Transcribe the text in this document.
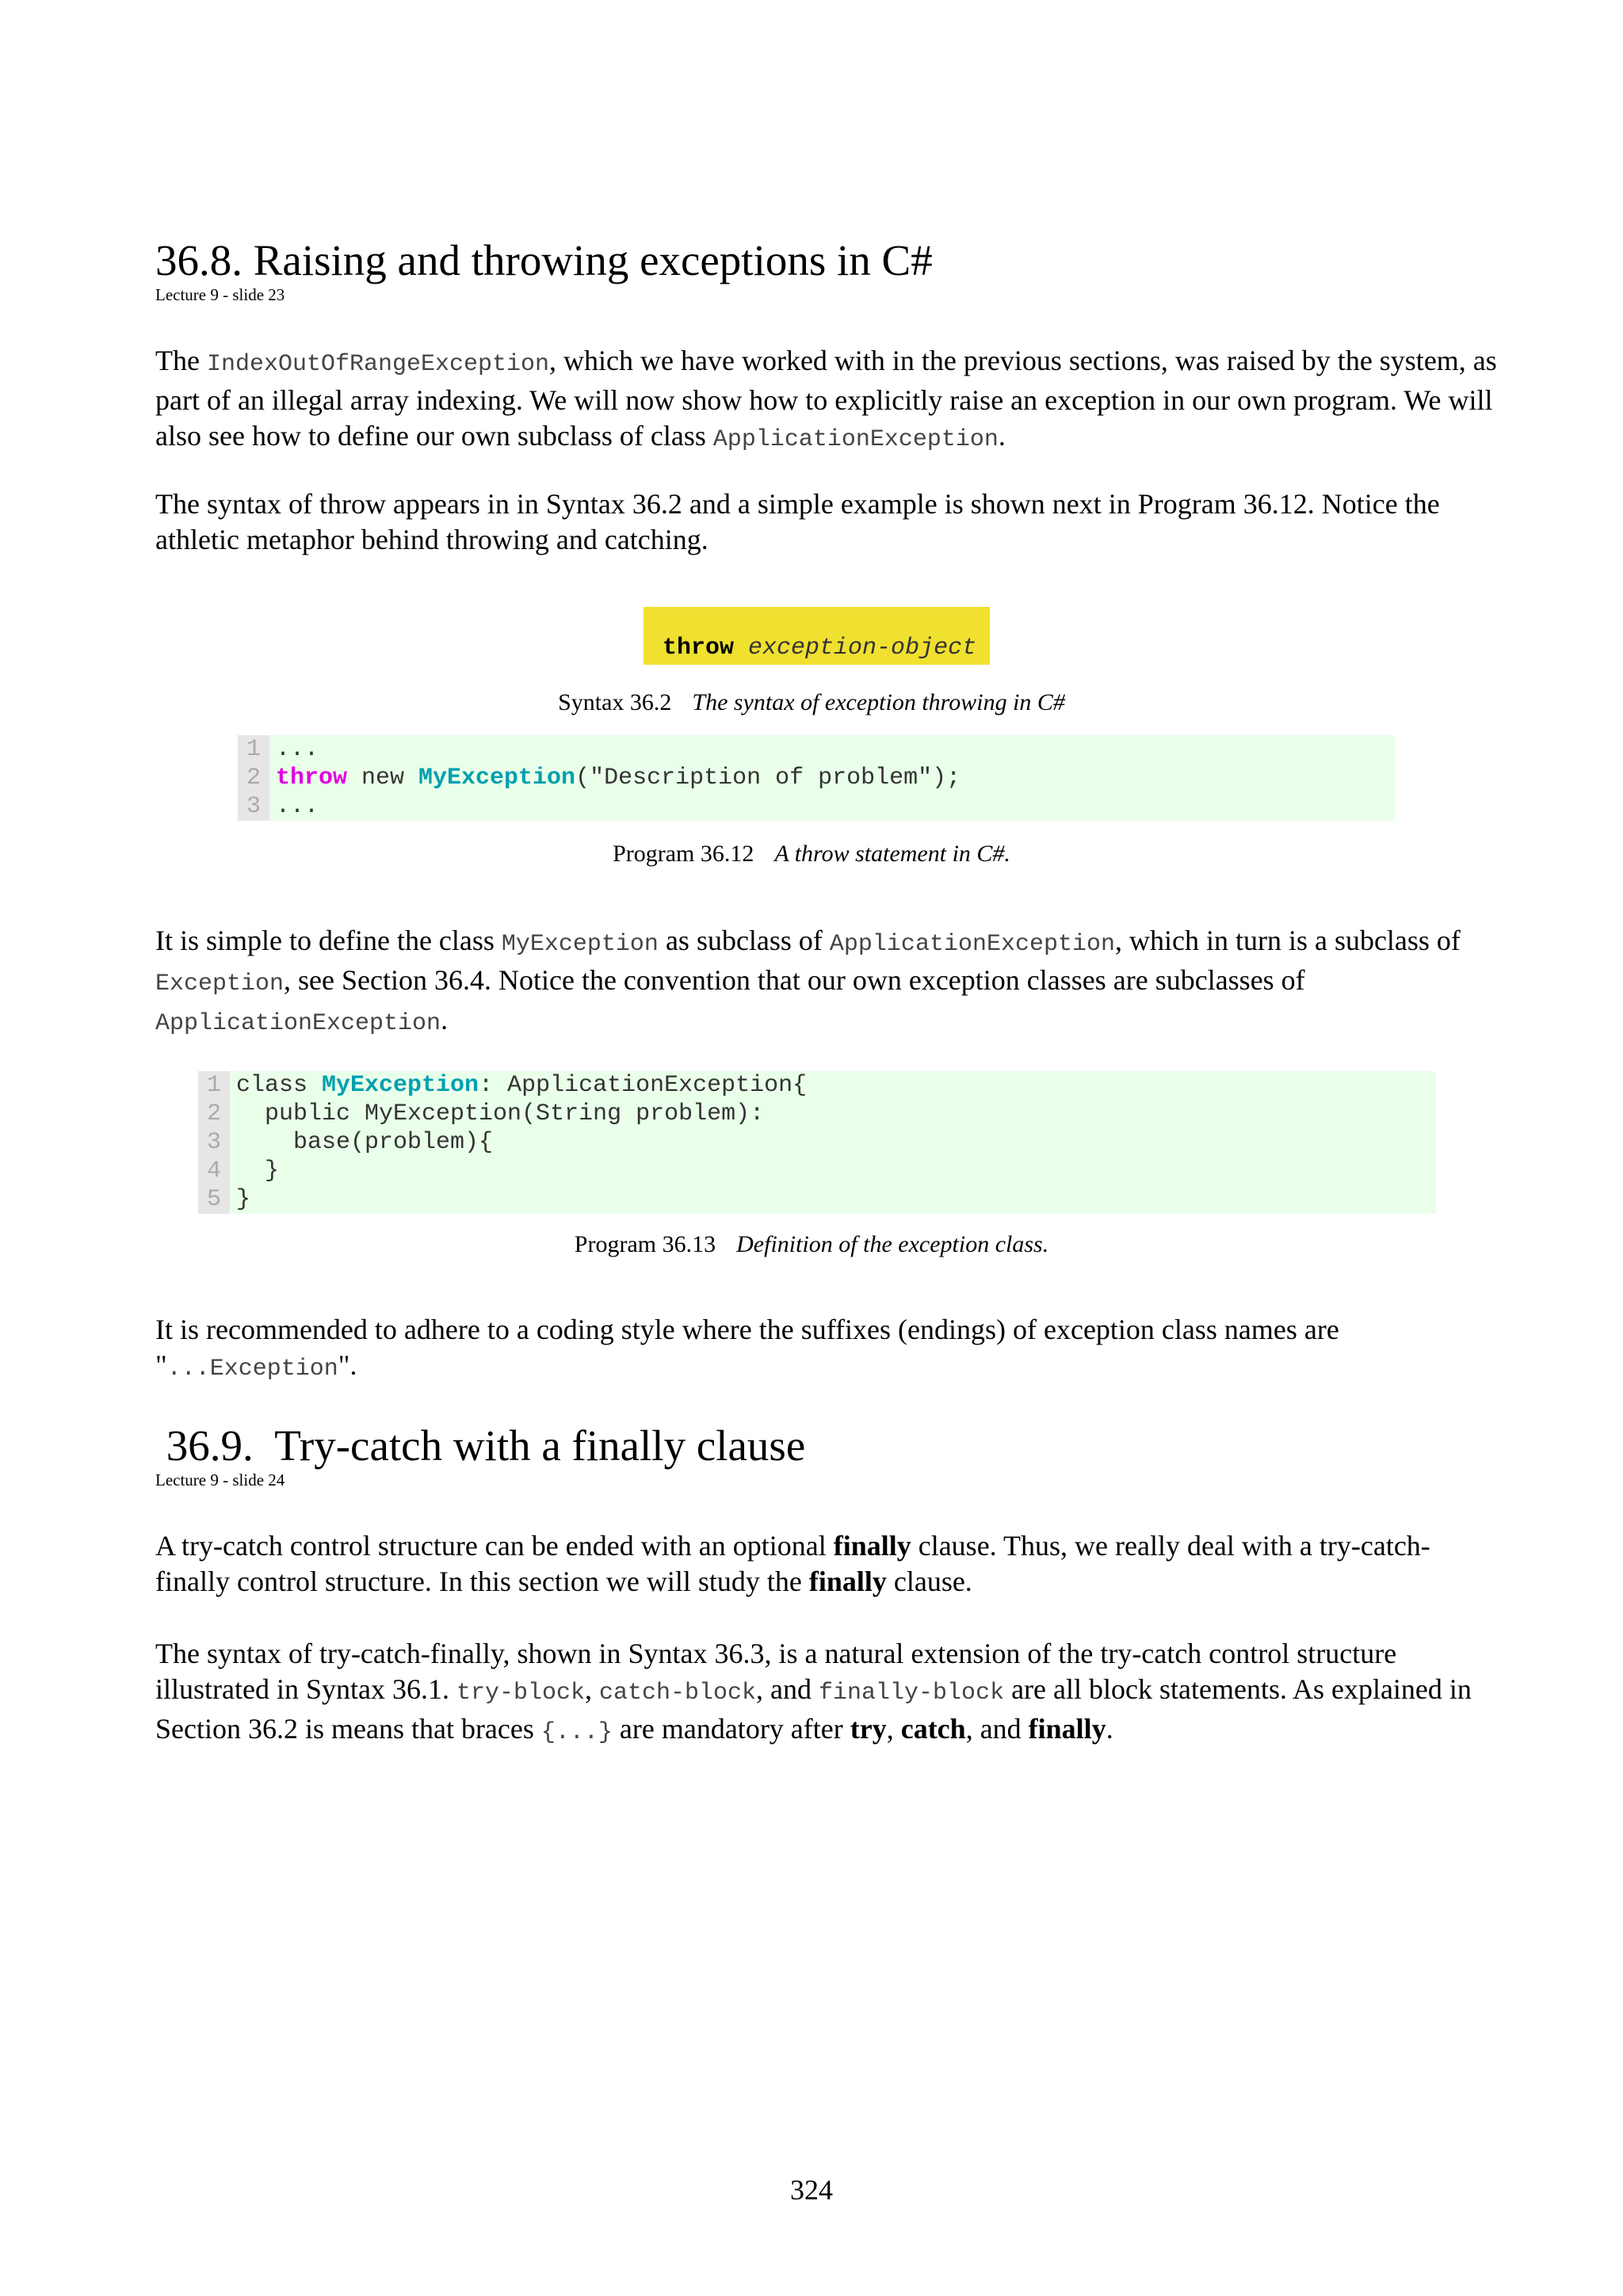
36.8. Raising and throwing exceptions in C#
Lecture 9 - slide 23
The IndexOutOfRangeException, which we have worked with in the previous sections, was raised by the system, as part of an illegal array indexing. We will now show how to explicitly raise an exception in our own program. We will also see how to define our own subclass of class ApplicationException.
The syntax of throw appears in in Syntax 36.2 and a simple example is shown next in Program 36.12. Notice the athletic metaphor behind throwing and catching.
throw exception-object
Syntax 36.2 The syntax of exception throwing in C#
1
2
3
...
throw new MyException("Description of problem");
...
Program 36.12 A throw statement in C#.
It is simple to define the class MyException as subclass of ApplicationException, which in turn is a subclass of Exception, see Section 36.4. Notice the convention that our own exception classes are subclasses of ApplicationException.
1
2
3
4
5
class MyException: ApplicationException{
public MyException(String problem):
base(problem){
}
}
Program 36.13 Definition of the exception class.
It is recommended to adhere to a coding style where the suffixes (endings) of exception class names are "...Exception".
36.9.  Try-catch with a finally clause
Lecture 9 - slide 24
A try-catch control structure can be ended with an optional finally clause. Thus, we really deal with a try-catch-finally control structure. In this section we will study the finally clause.
The syntax of try-catch-finally, shown in Syntax 36.3, is a natural extension of the try-catch control structure illustrated in Syntax 36.1. try-block, catch-block, and finally-block are all block statements. As explained in Section 36.2 is means that braces {...} are mandatory after try, catch, and finally.
324
